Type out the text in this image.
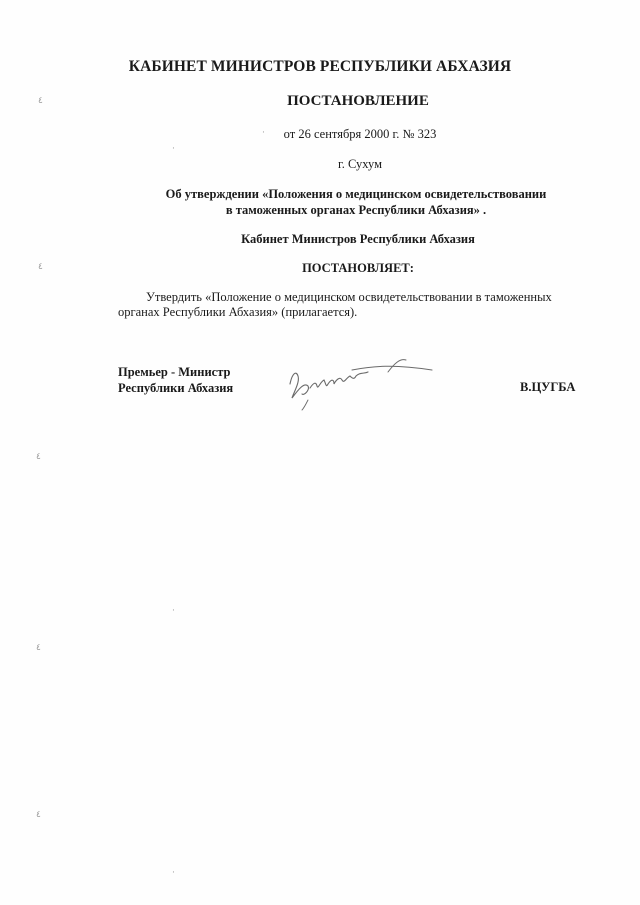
КАБИНЕТ МИНИСТРОВ РЕСПУБЛИКИ АБХАЗИЯ
ПОСТАНОВЛЕНИЕ
от 26 сентября 2000 г. № 323
г. Сухум
Об утверждении «Положения о медицинском освидетельствовании
в таможенных органах Республики Абхазия» .
Кабинет Министров Республики Абхазия
ПОСТАНОВЛЯЕТ:
Утвердить «Положение о медицинском освидетельствовании в таможенных
органах Республики Абхазия» (прилагается).
Премьер - Министр
Республики Абхазия	В.ЦУГБА
٤
٤
٤
٤
٤
·
·
·
·
